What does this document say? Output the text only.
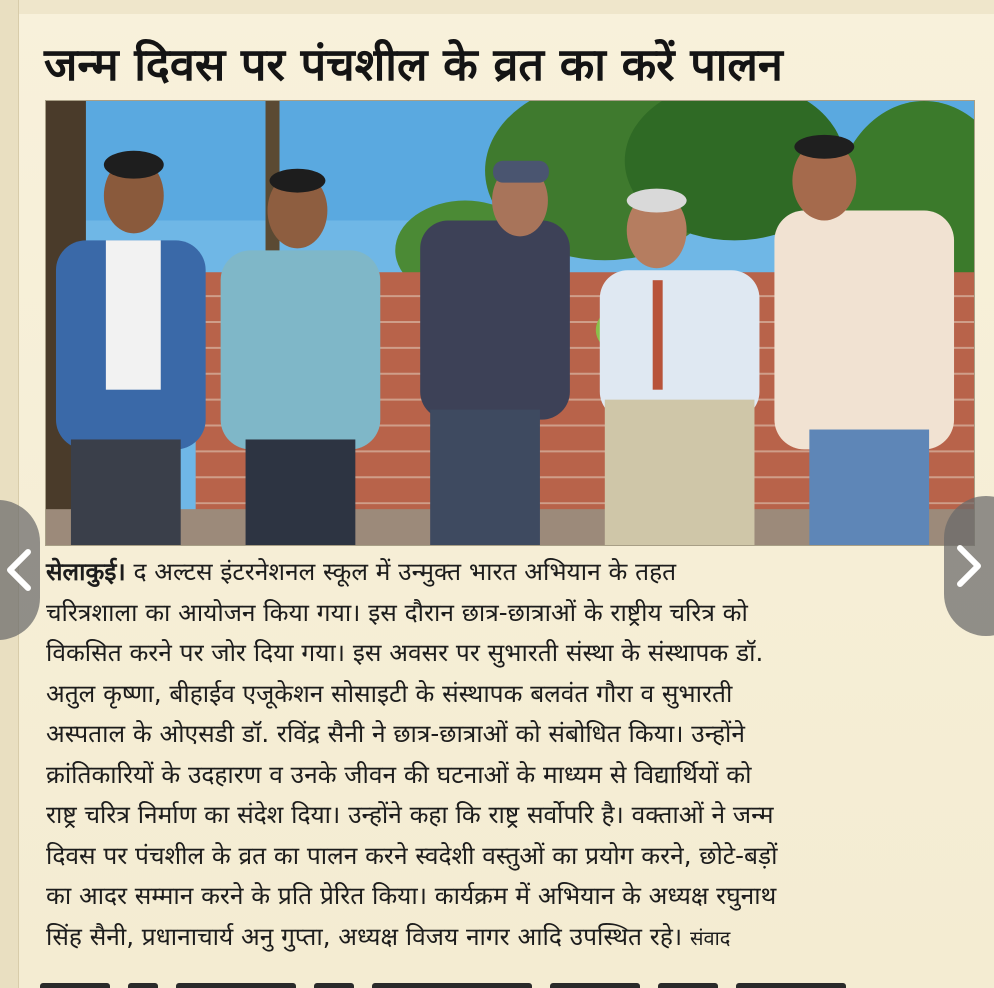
जन्म दिवस पर पंचशील के व्रत का करें पालन
सेलाकुई। द अल्टस इंटरनेशनल स्कूल में उन्मुक्त भारत अभियान के तहत
चरित्रशाला का आयोजन किया गया। इस दौरान छात्र-छात्राओं के राष्ट्रीय चरित्र को
विकसित करने पर जोर दिया गया। इस अवसर पर सुभारती संस्था के संस्थापक डॉ.
अतुल कृष्णा, बीहाईव एजूकेशन सोसाइटी के संस्थापक बलवंत गौरा व सुभारती
अस्पताल के ओएसडी डॉ. रविंद्र सैनी ने छात्र-छात्राओं को संबोधित किया। उन्होंने
क्रांतिकारियों के उदहारण व उनके जीवन की घटनाओं के माध्यम से विद्यार्थियों को
राष्ट्र चरित्र निर्माण का संदेश दिया। उन्होंने कहा कि राष्ट्र सर्वोपरि है। वक्ताओं ने जन्म
दिवस पर पंचशील के व्रत का पालन करने स्वदेशी वस्तुओं का प्रयोग करने, छोटे-बड़ों
का आदर सम्मान करने के प्रति प्रेरित किया। कार्यक्रम में अभियान के अध्यक्ष रघुनाथ
सिंह सैनी, प्रधानाचार्य अनु गुप्ता, अध्यक्ष विजय नागर आदि उपस्थित रहे। संवाद
